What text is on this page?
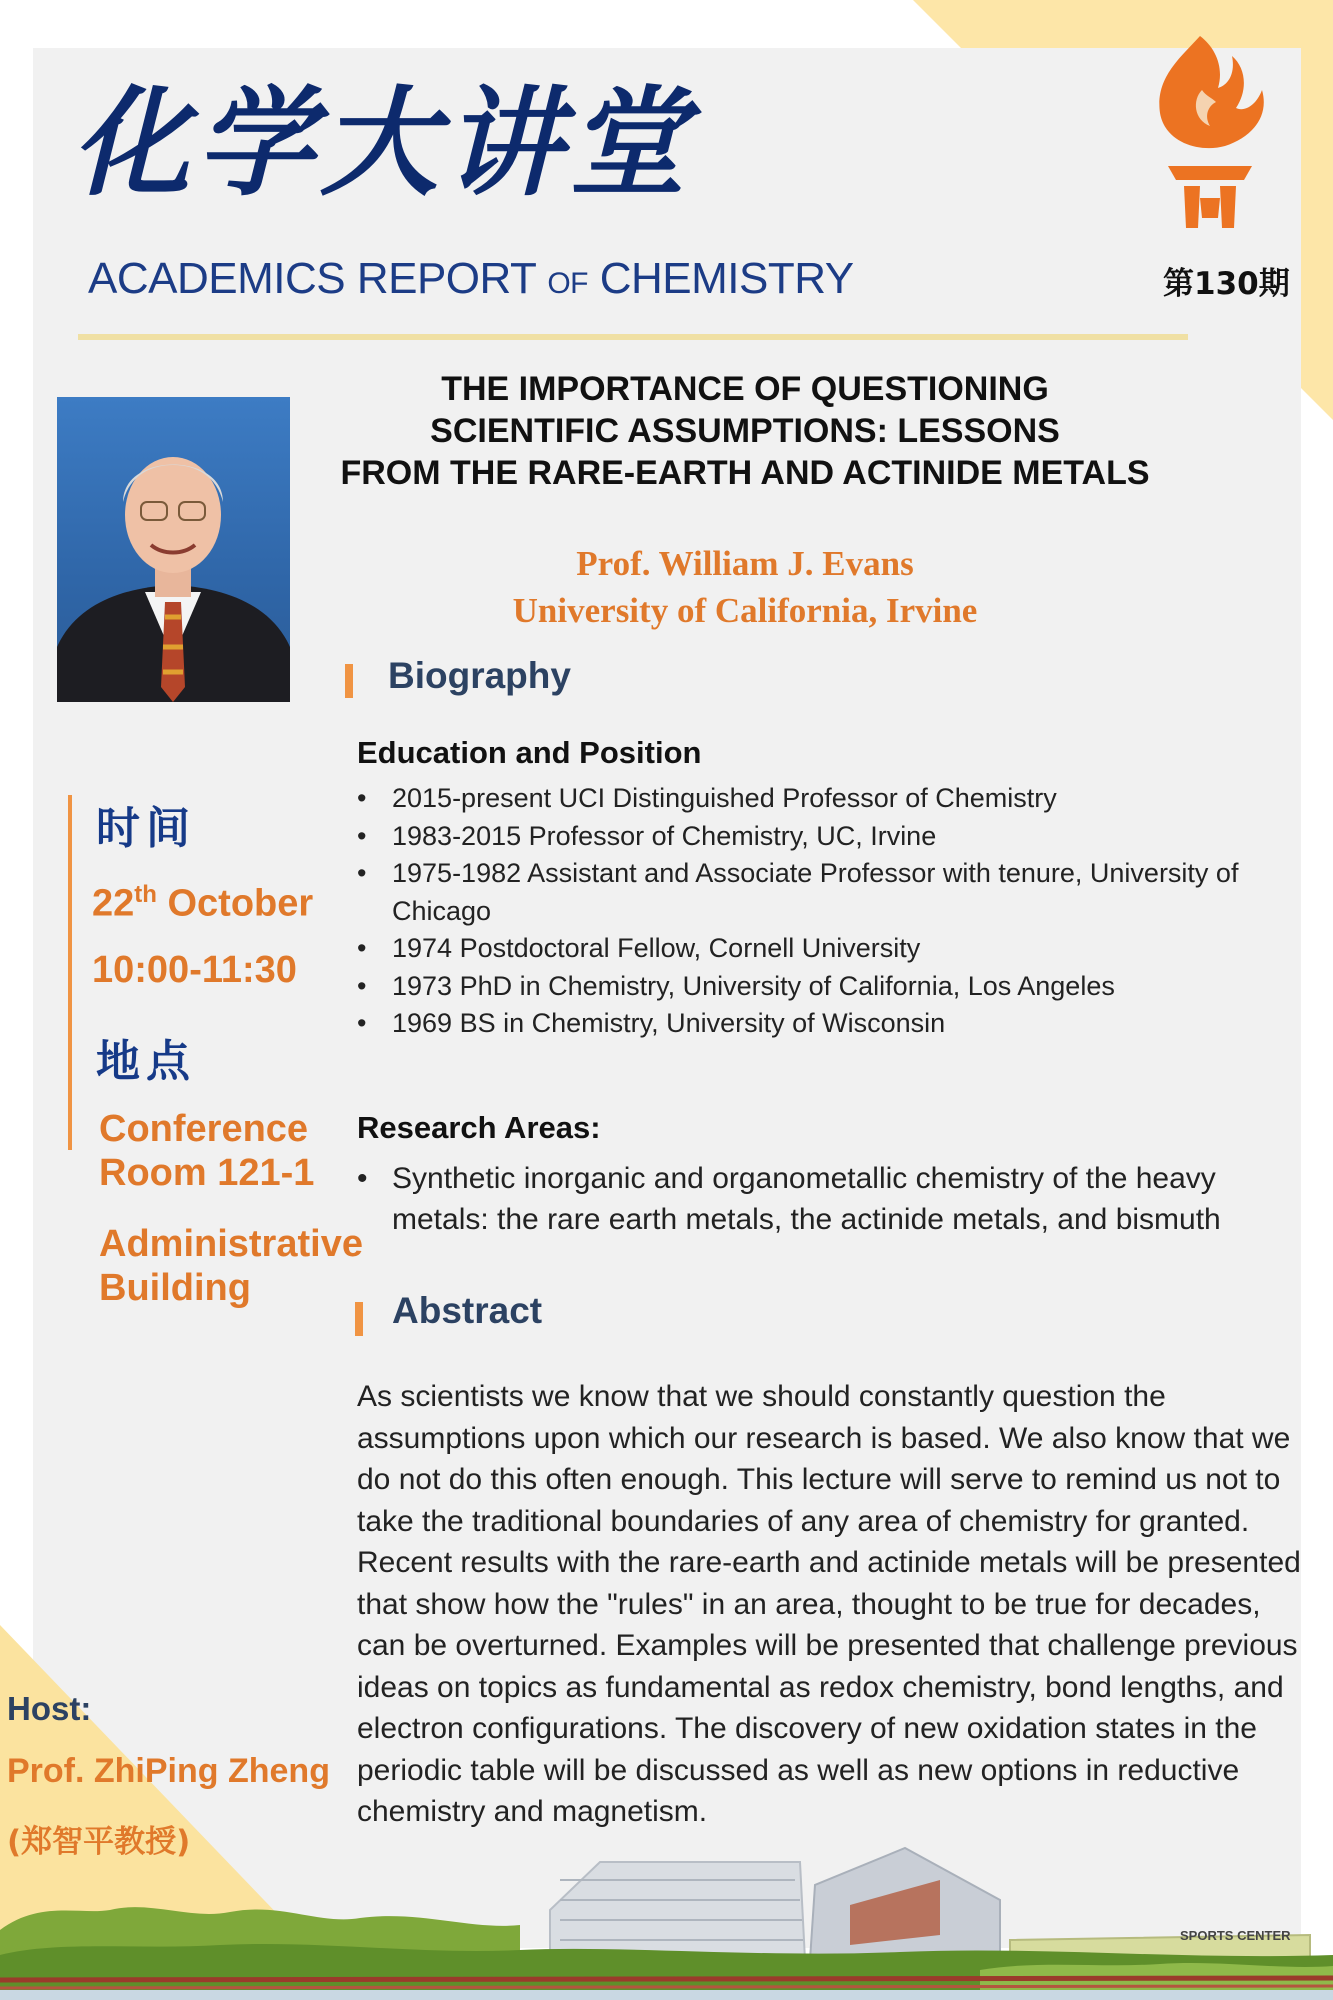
化学大讲堂
ACADEMICS REPORT OF CHEMISTRY	第130期
THE IMPORTANCE OF QUESTIONING
SCIENTIFIC ASSUMPTIONS: LESSONS
FROM THE RARE-EARTH AND ACTINIDE METALS
Prof. William J. Evans
University of California, Irvine
Biography
Education and Position
• 2015-present UCI Distinguished Professor of Chemistry
• 1983-2015 Professor of Chemistry, UC, Irvine
• 1975-1982 Assistant and Associate Professor with tenure, University of Chicago
• 1974 Postdoctoral Fellow, Cornell University
• 1973 PhD in Chemistry, University of California, Los Angeles
• 1969 BS in Chemistry, University of Wisconsin
Research Areas:
• Synthetic inorganic and organometallic chemistry of the heavy metals: the rare earth metals, the actinide metals, and bismuth
Abstract
As scientists we know that we should constantly question the assumptions upon which our research is based. We also know that we do not do this often enough. This lecture will serve to remind us not to take the traditional boundaries of any area of chemistry for granted. Recent results with the rare-earth and actinide metals will be presented that show how the "rules" in an area, thought to be true for decades, can be overturned. Examples will be presented that challenge previous ideas on topics as fundamental as redox chemistry, bond lengths, and electron configurations. The discovery of new oxidation states in the periodic table will be discussed as well as new options in reductive chemistry and magnetism.
时间
22th October
10:00-11:30
地点
Conference
Room 121-1
Administrative
Building
Host:
Prof. ZhiPing Zheng
(郑智平教授)
SPORTS CENTER
